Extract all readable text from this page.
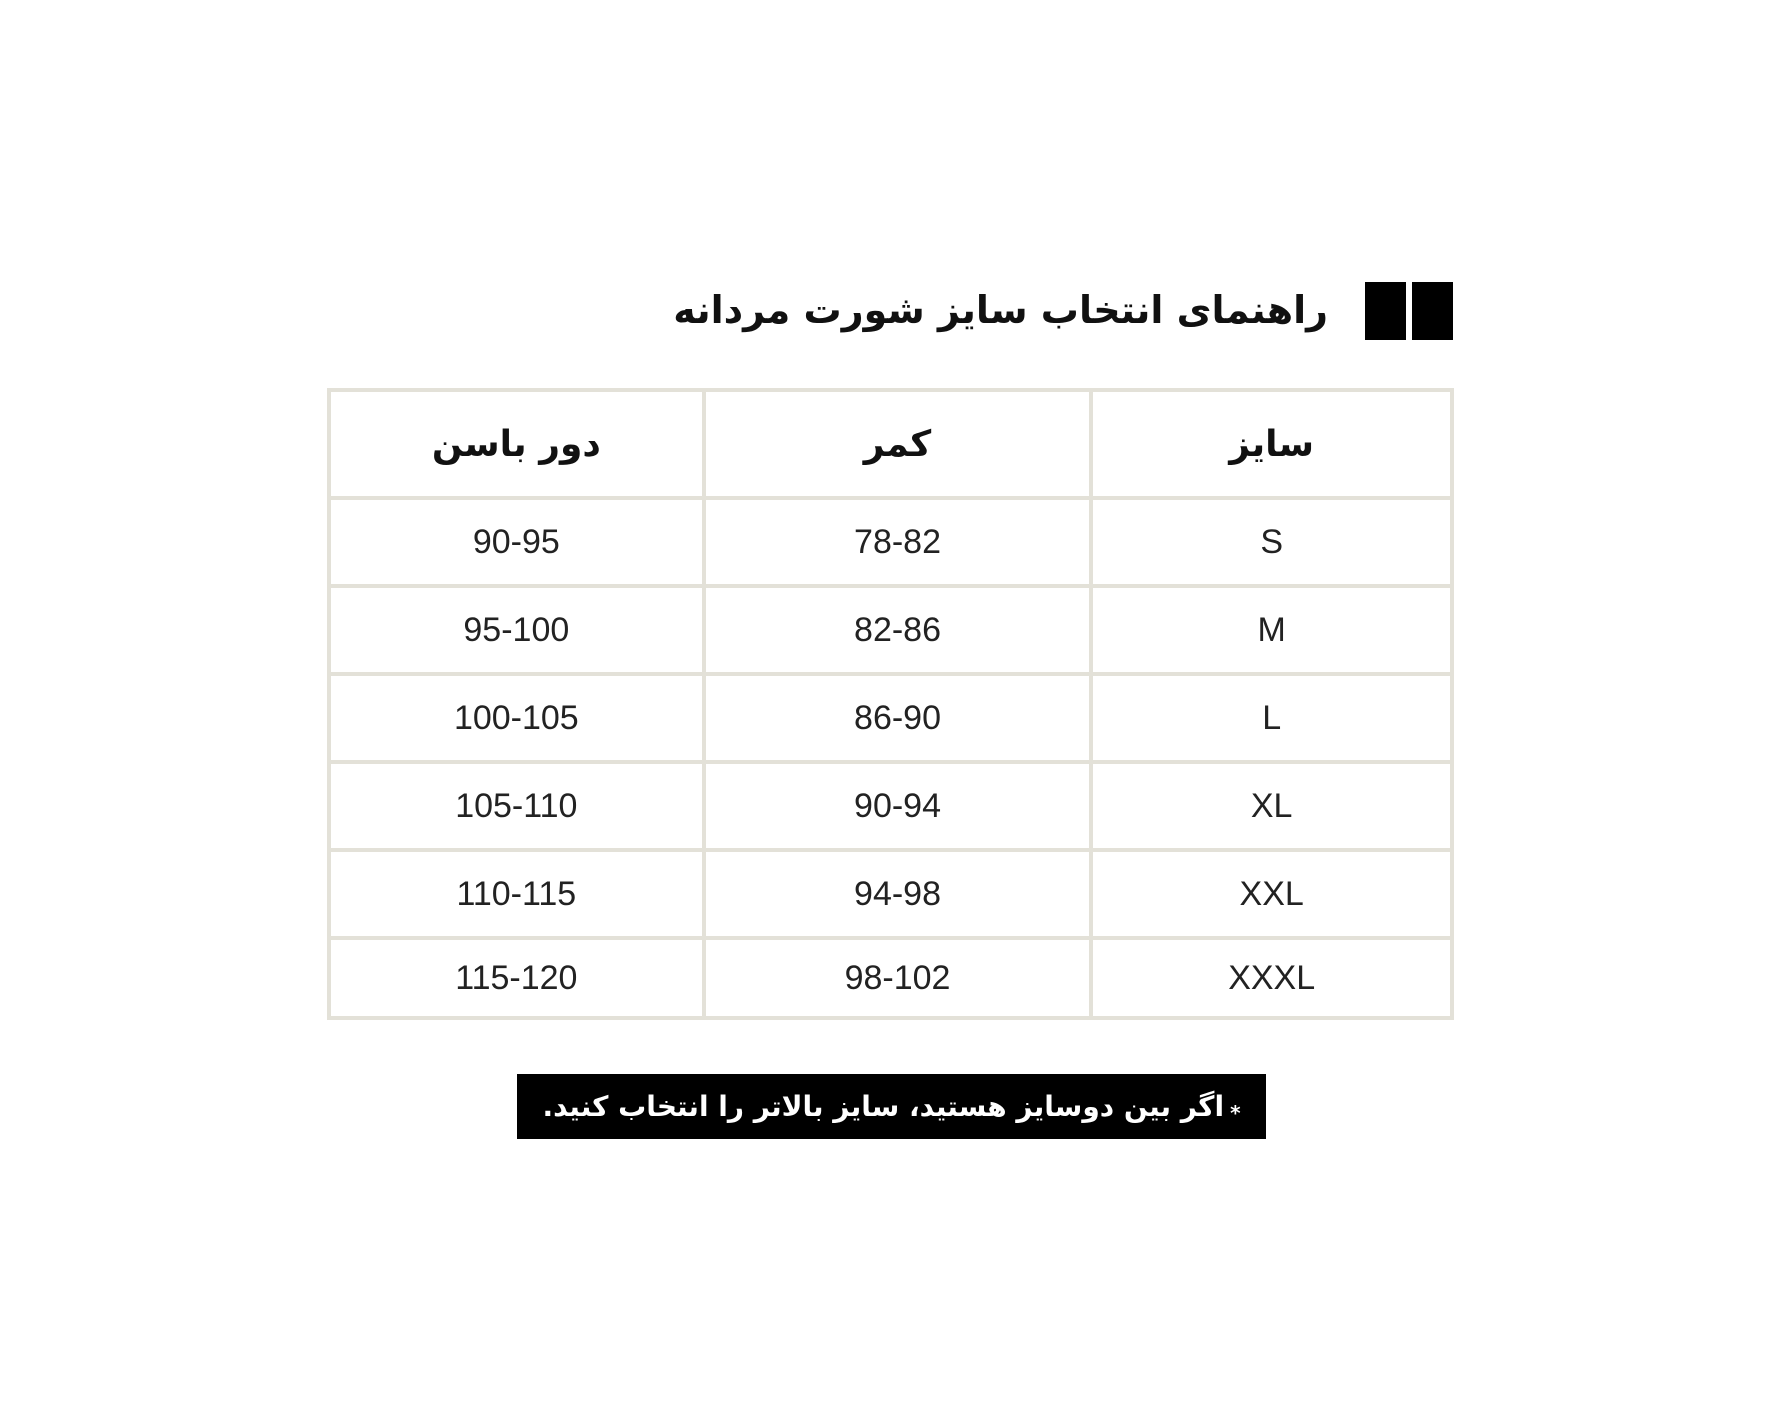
راهنمای انتخاب سایز شورت مردانه
سایز	کمر	دور باسن
S	78-82	90-95
M	82-86	95-100
L	86-90	100-105
XL	90-94	105-110
XXL	94-98	110-115
XXXL	98-102	115-120
*اگر بین دوسایز هستید، سایز بالاتر را انتخاب کنید.
